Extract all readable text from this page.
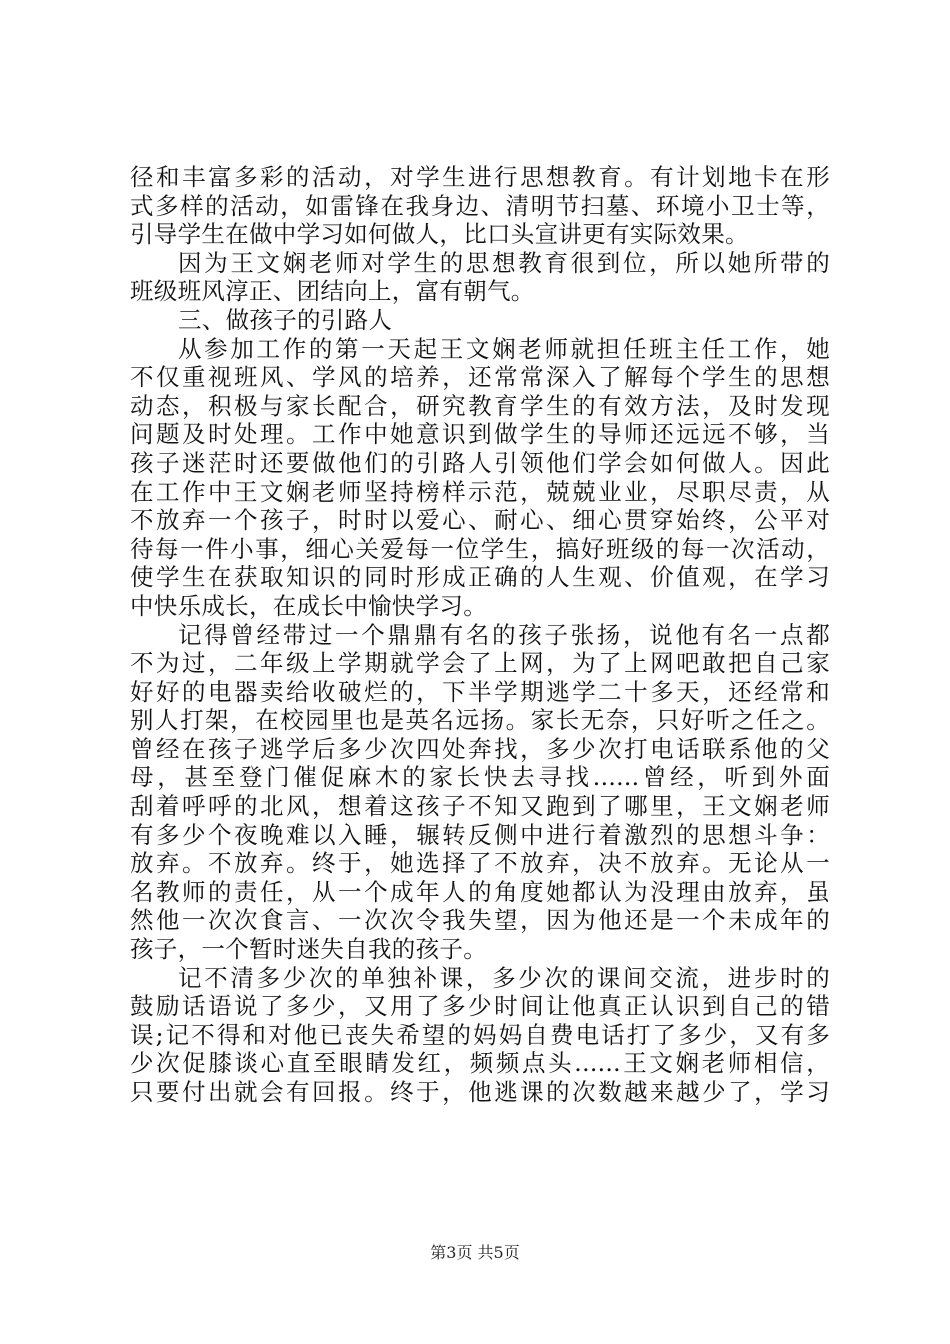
径和丰富多彩的活动，对学生进行思想教育。有计划地卡在形
式多样的活动，如雷锋在我身边、清明节扫墓、环境小卫士等，
引导学生在做中学习如何做人，比口头宣讲更有实际效果。
因为王文娴老师对学生的思想教育很到位，所以她所带的
班级班风淳正、团结向上，富有朝气。
三、做孩子的引路人
从参加工作的第一天起王文娴老师就担任班主任工作，她
不仅重视班风、学风的培养，还常常深入了解每个学生的思想
动态，积极与家长配合，研究教育学生的有效方法，及时发现
问题及时处理。工作中她意识到做学生的导师还远远不够，当
孩子迷茫时还要做他们的引路人引领他们学会如何做人。因此
在工作中王文娴老师坚持榜样示范，兢兢业业，尽职尽责，从
不放弃一个孩子，时时以爱心、耐心、细心贯穿始终，公平对
待每一件小事，细心关爱每一位学生，搞好班级的每一次活动，
使学生在获取知识的同时形成正确的人生观、价值观，在学习
中快乐成长，在成长中愉快学习。
记得曾经带过一个鼎鼎有名的孩子张扬，说他有名一点都
不为过，二年级上学期就学会了上网，为了上网吧敢把自己家
好好的电器卖给收破烂的，下半学期逃学二十多天，还经常和
别人打架，在校园里也是英名远扬。家长无奈，只好听之任之。
曾经在孩子逃学后多少次四处奔找，多少次打电话联系他的父
母，甚至登门催促麻木的家长快去寻找......曾经，听到外面
刮着呼呼的北风，想着这孩子不知又跑到了哪里，王文娴老师
有多少个夜晚难以入睡，辗转反侧中进行着激烈的思想斗争：
放弃。不放弃。终于，她选择了不放弃，决不放弃。无论从一
名教师的责任，从一个成年人的角度她都认为没理由放弃，虽
然他一次次食言、一次次令我失望，因为他还是一个未成年的
孩子，一个暂时迷失自我的孩子。
记不清多少次的单独补课，多少次的课间交流，进步时的
鼓励话语说了多少，又用了多少时间让他真正认识到自己的错
误;记不得和对他已丧失希望的妈妈自费电话打了多少，又有多
少次促膝谈心直至眼睛发红，频频点头......王文娴老师相信，
只要付出就会有回报。终于，他逃课的次数越来越少了，学习
第3页 共5页
